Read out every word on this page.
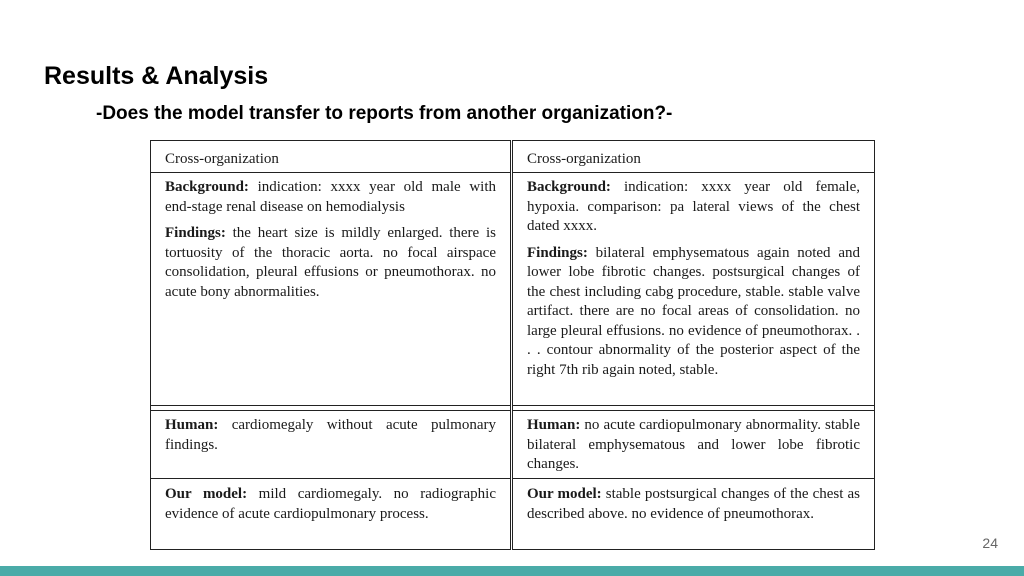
Results & Analysis
-Does the model transfer to reports from another organization?-
Cross-organization
Background: indication: xxxx year old male with end-stage renal disease on hemodialysis
Findings: the heart size is mildly enlarged. there is tortuosity of the thoracic aorta. no focal airspace consolidation, pleural effusions or pneumothorax. no acute bony abnormalities.
Human: cardiomegaly without acute pulmonary findings.
Our model: mild cardiomegaly. no radiographic evidence of acute cardiopulmonary process.
Cross-organization
Background: indication: xxxx year old female, hypoxia. comparison: pa lateral views of the chest dated xxxx.
Findings: bilateral emphysematous again noted and lower lobe fibrotic changes. postsurgical changes of the chest including cabg procedure, stable. stable valve artifact. there are no focal areas of consolidation. no large pleural effusions. no evidence of pneumothorax. . . . contour abnormality of the posterior aspect of the right 7th rib again noted, stable.
Human: no acute cardiopulmonary abnormality. stable bilateral emphysematous and lower lobe fibrotic changes.
Our model: stable postsurgical changes of the chest as described above. no evidence of pneumothorax.
24
